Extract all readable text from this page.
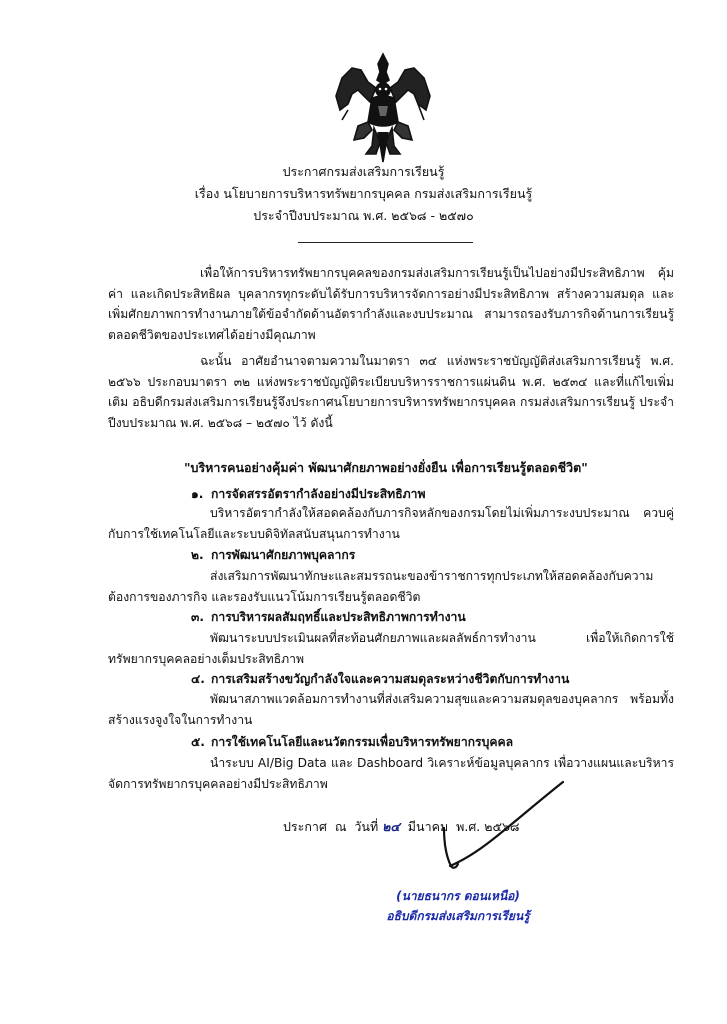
ประกาศกรมส่งเสริมการเรียนรู้
เรื่อง นโยบายการบริหารทรัพยากรบุคคล กรมส่งเสริมการเรียนรู้
ประจำปีงบประมาณ พ.ศ. ๒๕๖๘ - ๒๕๗๐
เพื่อให้การบริหารทรัพยากรบุคคลของกรมส่งเสริมการเรียนรู้เป็นไปอย่างมีประสิทธิภาพ คุ้มค่า และเกิดประสิทธิผล บุคลากรทุกระดับได้รับการบริหารจัดการอย่างมีประสิทธิภาพ สร้างความสมดุล และเพิ่มศักยภาพการทำงานภายใต้ข้อจำกัดด้านอัตรากำลังและงบประมาณ สามารถรองรับภารกิจด้านการเรียนรู้ตลอดชีวิตของประเทศได้อย่างมีคุณภาพ
ฉะนั้น อาศัยอำนาจตามความในมาตรา ๓๔ แห่งพระราชบัญญัติส่งเสริมการเรียนรู้ พ.ศ. ๒๕๖๖ ประกอบมาตรา ๓๒ แห่งพระราชบัญญัติระเบียบบริหารราชการแผ่นดิน พ.ศ. ๒๕๓๔ และที่แก้ไขเพิ่มเติม อธิบดีกรมส่งเสริมการเรียนรู้จึงประกาศนโยบายการบริหารทรัพยากรบุคคล กรมส่งเสริมการเรียนรู้ ประจำปีงบประมาณ พ.ศ. ๒๕๖๘ – ๒๕๗๐ ไว้ ดังนี้
"บริหารคนอย่างคุ้มค่า พัฒนาศักยภาพอย่างยั่งยืน เพื่อการเรียนรู้ตลอดชีวิต"
๑. การจัดสรรอัตรากำลังอย่างมีประสิทธิภาพ
บริหารอัตรากำลังให้สอดคล้องกับภารกิจหลักของกรมโดยไม่เพิ่มภาระงบประมาณ ควบคู่กับการใช้เทคโนโลยีและระบบดิจิทัลสนับสนุนการทำงาน
๒. การพัฒนาศักยภาพบุคลากร
ส่งเสริมการพัฒนาทักษะและสมรรถนะของข้าราชการทุกประเภทให้สอดคล้องกับความต้องการของภารกิจ และรองรับแนวโน้มการเรียนรู้ตลอดชีวิต
๓. การบริหารผลสัมฤทธิ์และประสิทธิภาพการทำงาน
พัฒนาระบบประเมินผลที่สะท้อนศักยภาพและผลลัพธ์การทำงาน เพื่อให้เกิดการใช้ทรัพยากรบุคคลอย่างเต็มประสิทธิภาพ
๔. การเสริมสร้างขวัญกำลังใจและความสมดุลระหว่างชีวิตกับการทำงาน
พัฒนาสภาพแวดล้อมการทำงานที่ส่งเสริมความสุขและความสมดุลของบุคลากร พร้อมทั้งสร้างแรงจูงใจในการทำงาน
๕. การใช้เทคโนโลยีและนวัตกรรมเพื่อบริหารทรัพยากรบุคคล
นำระบบ AI/Big Data และ Dashboard วิเคราะห์ข้อมูลบุคลากร เพื่อวางแผนและบริหารจัดการทรัพยากรบุคคลอย่างมีประสิทธิภาพ
ประกาศ  ณ  วันที่ ๒๔  มีนาคม  พ.ศ. ๒๕๖๘
(นายธนากร ดอนเหนือ)
อธิบดีกรมส่งเสริมการเรียนรู้
